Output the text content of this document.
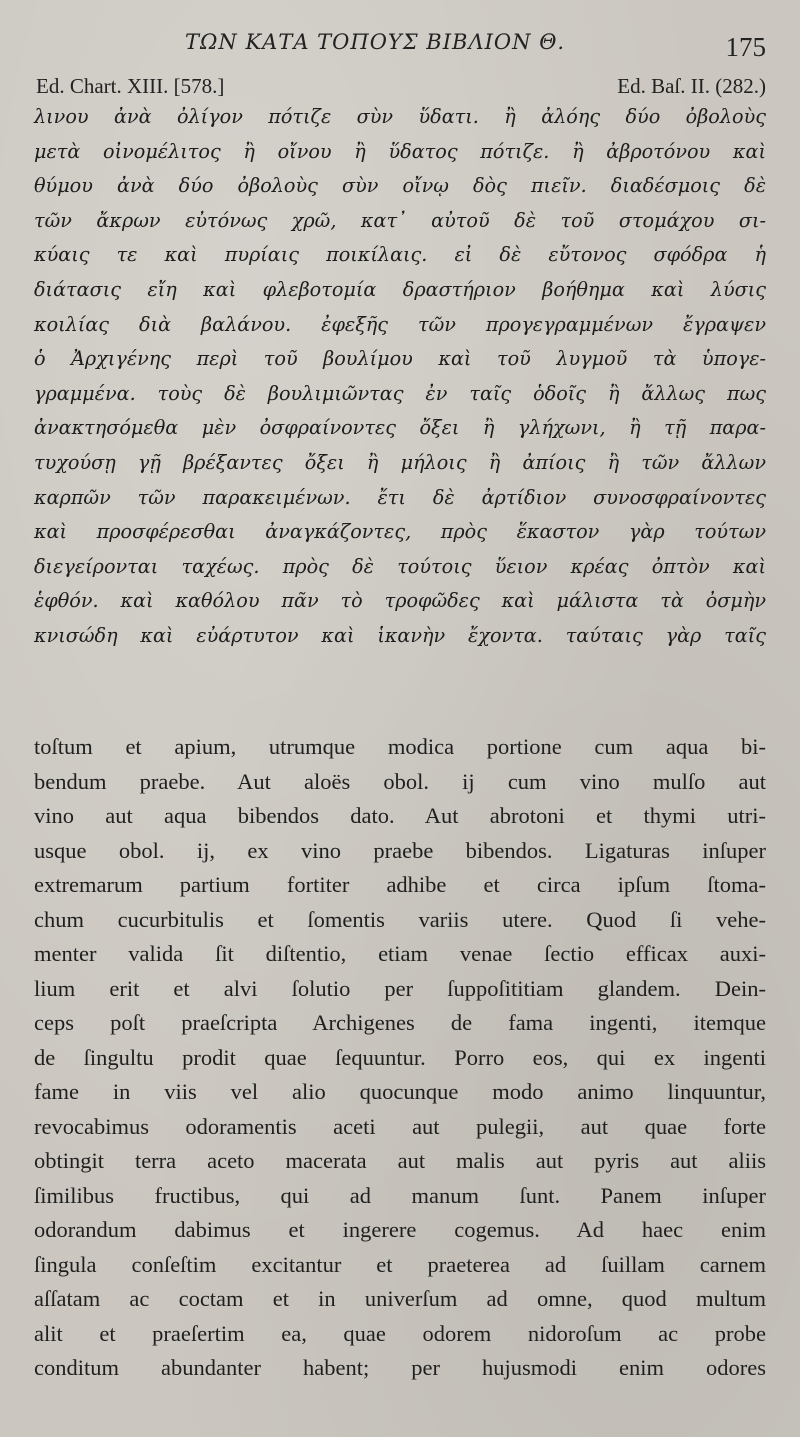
ΤΩΝ ΚΑΤΑ ΤΟΠΟΥΣ ΒΙΒΛΙΟΝ Θ.	175
Ed. Chart. XIII. [578.]	Ed. Baſ. II. (282.)
λινου ἀνὰ ὀλίγον πότιζε σὺν ὕδατι. ἢ ἀλόης δύο ὀβολοὺς
μετὰ οἰνομέλιτος ἢ οἴνου ἢ ὕδατος πότιζε. ἢ ἀβροτόνου καὶ
θύμου ἀνὰ δύο ὀβολοὺς σὺν οἴνῳ δὸς πιεῖν. διαδέσμοις δὲ
τῶν ἄκρων εὐτόνως χρῶ, κατ᾽ αὐτοῦ δὲ τοῦ στομάχου σι-
κύαις τε καὶ πυρίαις ποικίλαις. εἰ δὲ εὔτονος σφόδρα ἡ
διάτασις εἴη καὶ φλεβοτομία δραστήριον βοήθημα καὶ λύσις
κοιλίας διὰ βαλάνου. ἐφεξῆς τῶν προγεγραμμένων ἔγραψεν
ὁ Ἀρχιγένης περὶ τοῦ βουλίμου καὶ τοῦ λυγμοῦ τὰ ὑπογε-
γραμμένα. τοὺς δὲ βουλιμιῶντας ἐν ταῖς ὁδοῖς ἢ ἄλλως πως
ἀνακτησόμεθα μὲν ὀσφραίνοντες ὄξει ἢ γλήχωνι, ἢ τῇ παρα-
τυχούσῃ γῇ βρέξαντες ὄξει ἢ μήλοις ἢ ἀπίοις ἢ τῶν ἄλλων
καρπῶν τῶν παρακειμένων. ἔτι δὲ ἀρτίδιον συνοσφραίνοντες
καὶ προσφέρεσθαι ἀναγκάζοντες, πρὸς ἕκαστον γὰρ τούτων
διεγείρονται ταχέως. πρὸς δὲ τούτοις ὕειον κρέας ὀπτὸν καὶ
ἑφθόν. καὶ καθόλου πᾶν τὸ τροφῶδες καὶ μάλιστα τὰ ὀσμὴν
κνισώδη καὶ εὐάρτυτον καὶ ἱκανὴν ἔχοντα. ταύταις γὰρ ταῖς
toſtum et apium, utrumque modica portione cum aqua bi-
bendum praebe. Aut aloës obol. ij cum vino mulſo aut
vino aut aqua bibendos dato. Aut abrotoni et thymi utri-
usque obol. ij, ex vino praebe bibendos. Ligaturas inſuper
extremarum partium fortiter adhibe et circa ipſum ſtoma-
chum cucurbitulis et ſomentis variis utere. Quod ſi vehe-
menter valida ſit diſtentio, etiam venae ſectio efficax auxi-
lium erit et alvi ſolutio per ſuppoſititiam glandem. Dein-
ceps poſt praeſcripta Archigenes de fama ingenti, itemque
de ſingultu prodit quae ſequuntur. Porro eos, qui ex ingenti
fame in viis vel alio quocunque modo animo linquuntur,
revocabimus odoramentis aceti aut pulegii, aut quae forte
obtingit terra aceto macerata aut malis aut pyris aut aliis
ſimilibus fructibus, qui ad manum ſunt. Panem inſuper
odorandum dabimus et ingerere cogemus. Ad haec enim
ſingula conſeſtim excitantur et praeterea ad ſuillam carnem
aſſatam ac coctam et in univerſum ad omne, quod multum
alit et praeſertim ea, quae odorem nidoroſum ac probe
conditum abundanter habent; per hujusmodi enim odores
